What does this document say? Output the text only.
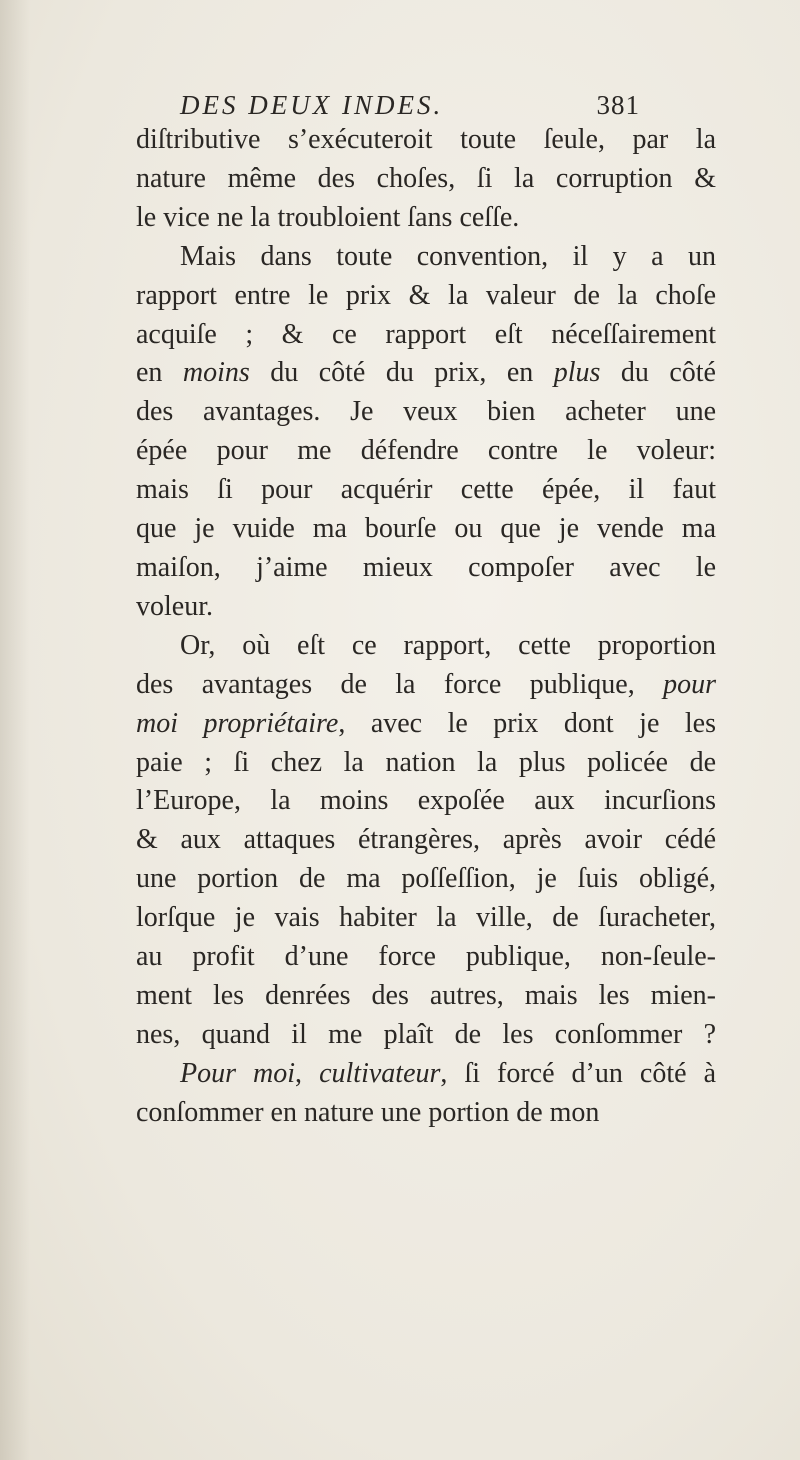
DES DEUX INDES.	381
diſtributive s’exécuteroit toute ſeule, par la
nature même des choſes, ſi la corruption &
le vice ne la troubloient ſans ceſſe.
Mais dans toute convention, il y a un
rapport entre le prix & la valeur de la choſe
acquiſe ; & ce rapport eſt néceſſairement
en moins du côté du prix, en plus du côté
des avantages. Je veux bien acheter une
épée pour me défendre contre le voleur:
mais ſi pour acquérir cette épée, il faut
que je vuide ma bourſe ou que je vende ma
maiſon, j’aime mieux compoſer avec le
voleur.
Or, où eſt ce rapport, cette proportion
des avantages de la force publique, pour
moi propriétaire, avec le prix dont je les
paie ; ſi chez la nation la plus policée de
l’Europe, la moins expoſée aux incurſions
& aux attaques étrangères, après avoir cédé
une portion de ma poſſeſſion, je ſuis obligé,
lorſque je vais habiter la ville, de ſuracheter,
au profit d’une force publique, non-ſeule-
ment les denrées des autres, mais les mien-
nes, quand il me plaît de les conſommer ?
Pour moi, cultivateur, ſi forcé d’un côté à
conſommer en nature une portion de mon
